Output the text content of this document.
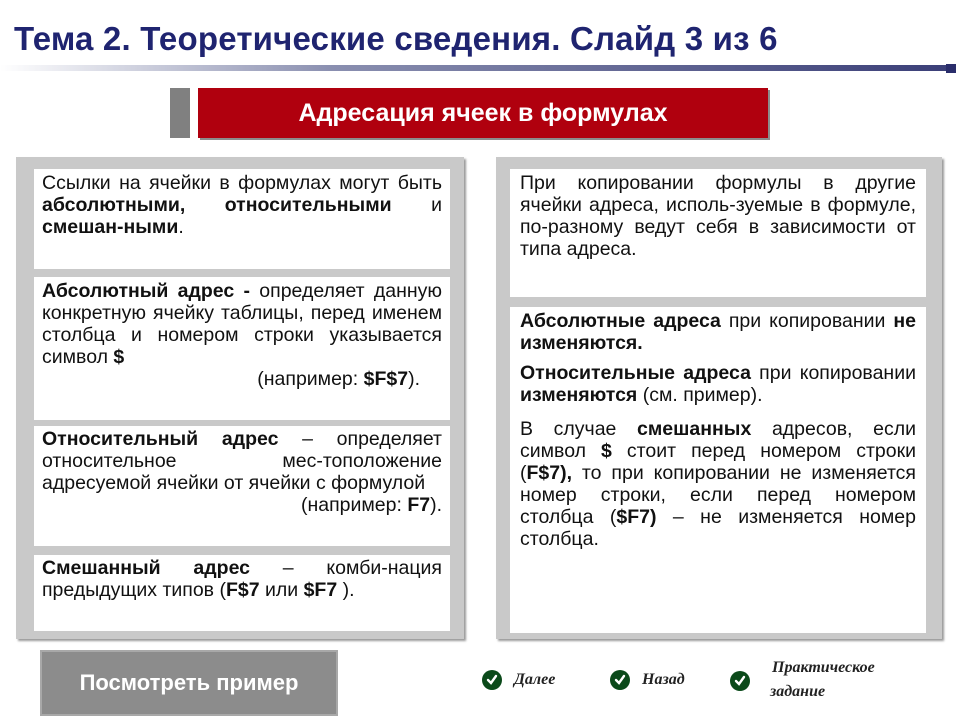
Тема 2. Теоретические сведения. Слайд 3 из 6
Адресация ячеек в формулах
Ссылки на ячейки в формулах могут быть абсолютными, относительными и смешан-ными.
Абсолютный адрес - определяет данную конкретную ячейку таблицы, перед именем столбца и номером строки указывается символ $
(например: $F$7).
Относительный адрес – определяет относительное мес-тоположение адресуемой ячейки от ячейки с формулой
(например: F7).
Смешанный адрес – комби-нация предыдущих типов (F$7 или $F7 ).
При копировании формулы в другие ячейки адреса, исполь-зуемые в формуле, по-разному ведут себя в зависимости от типа адреса.
Абсолютные адреса при копировании не изменяются.
Относительные адреса при копировании изменяются (см. пример).
В случае смешанных адресов, если символ $ стоит перед номером строки (F$7), то при копировании не изменяется номер строки, если перед номером столбца ($F7) – не изменяется номер столбца.
Посмотреть пример	Далее	Назад
Практическое
задание
